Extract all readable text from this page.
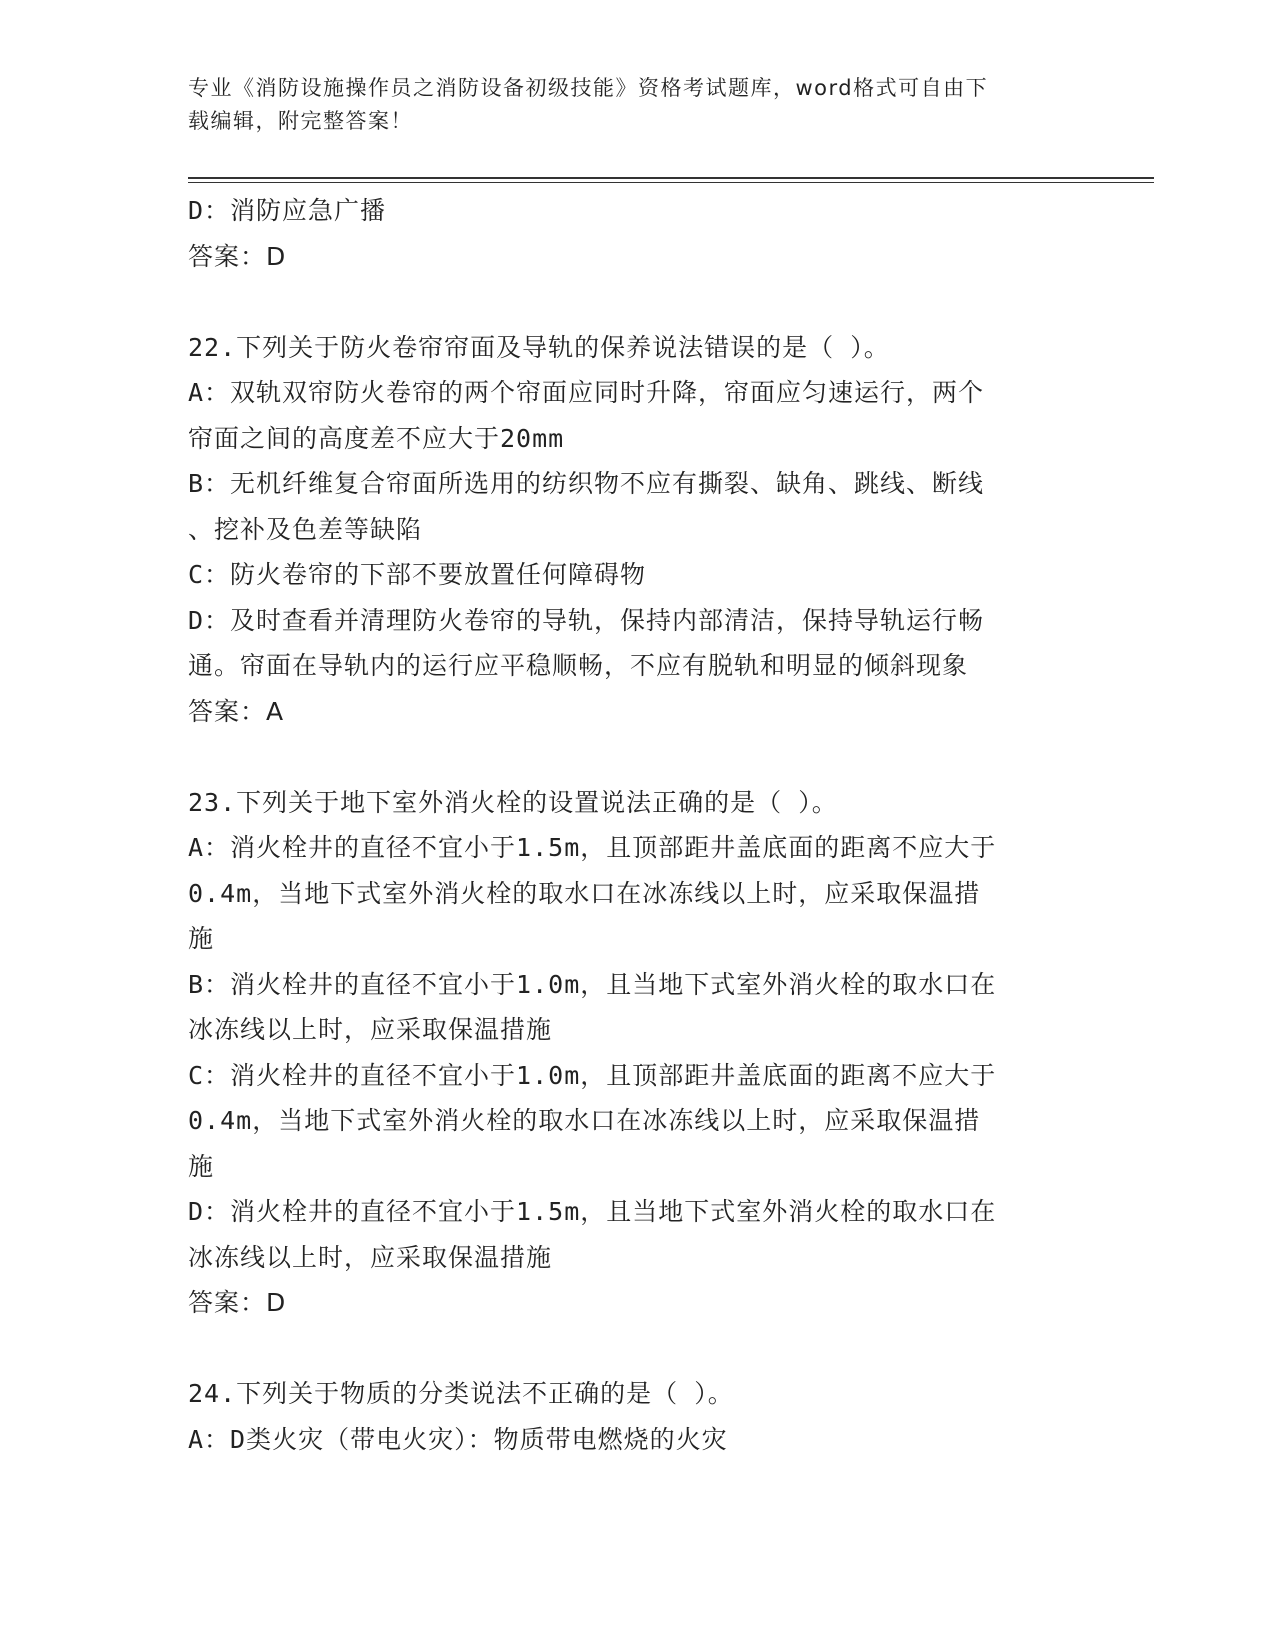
专业《消防设施操作员之消防设备初级技能》资格考试题库，word格式可自由下
载编辑，附完整答案！
D：消防应急广播
答案：D
22.下列关于防火卷帘帘面及导轨的保养说法错误的是（ ）。
A：双轨双帘防火卷帘的两个帘面应同时升降，帘面应匀速运行，两个
帘面之间的高度差不应大于20mm
B：无机纤维复合帘面所选用的纺织物不应有撕裂、缺角、跳线、断线
、挖补及色差等缺陷
C：防火卷帘的下部不要放置任何障碍物
D：及时查看并清理防火卷帘的导轨，保持内部清洁，保持导轨运行畅
通。帘面在导轨内的运行应平稳顺畅，不应有脱轨和明显的倾斜现象
答案：A
23.下列关于地下室外消火栓的设置说法正确的是（ ）。
A：消火栓井的直径不宜小于1.5m，且顶部距井盖底面的距离不应大于
0.4m，当地下式室外消火栓的取水口在冰冻线以上时，应采取保温措
施
B：消火栓井的直径不宜小于1.0m，且当地下式室外消火栓的取水口在
冰冻线以上时，应采取保温措施
C：消火栓井的直径不宜小于1.0m，且顶部距井盖底面的距离不应大于
0.4m，当地下式室外消火栓的取水口在冰冻线以上时，应采取保温措
施
D：消火栓井的直径不宜小于1.5m，且当地下式室外消火栓的取水口在
冰冻线以上时，应采取保温措施
答案：D
24.下列关于物质的分类说法不正确的是（ ）。
A：D类火灾（带电火灾）：物质带电燃烧的火灾
